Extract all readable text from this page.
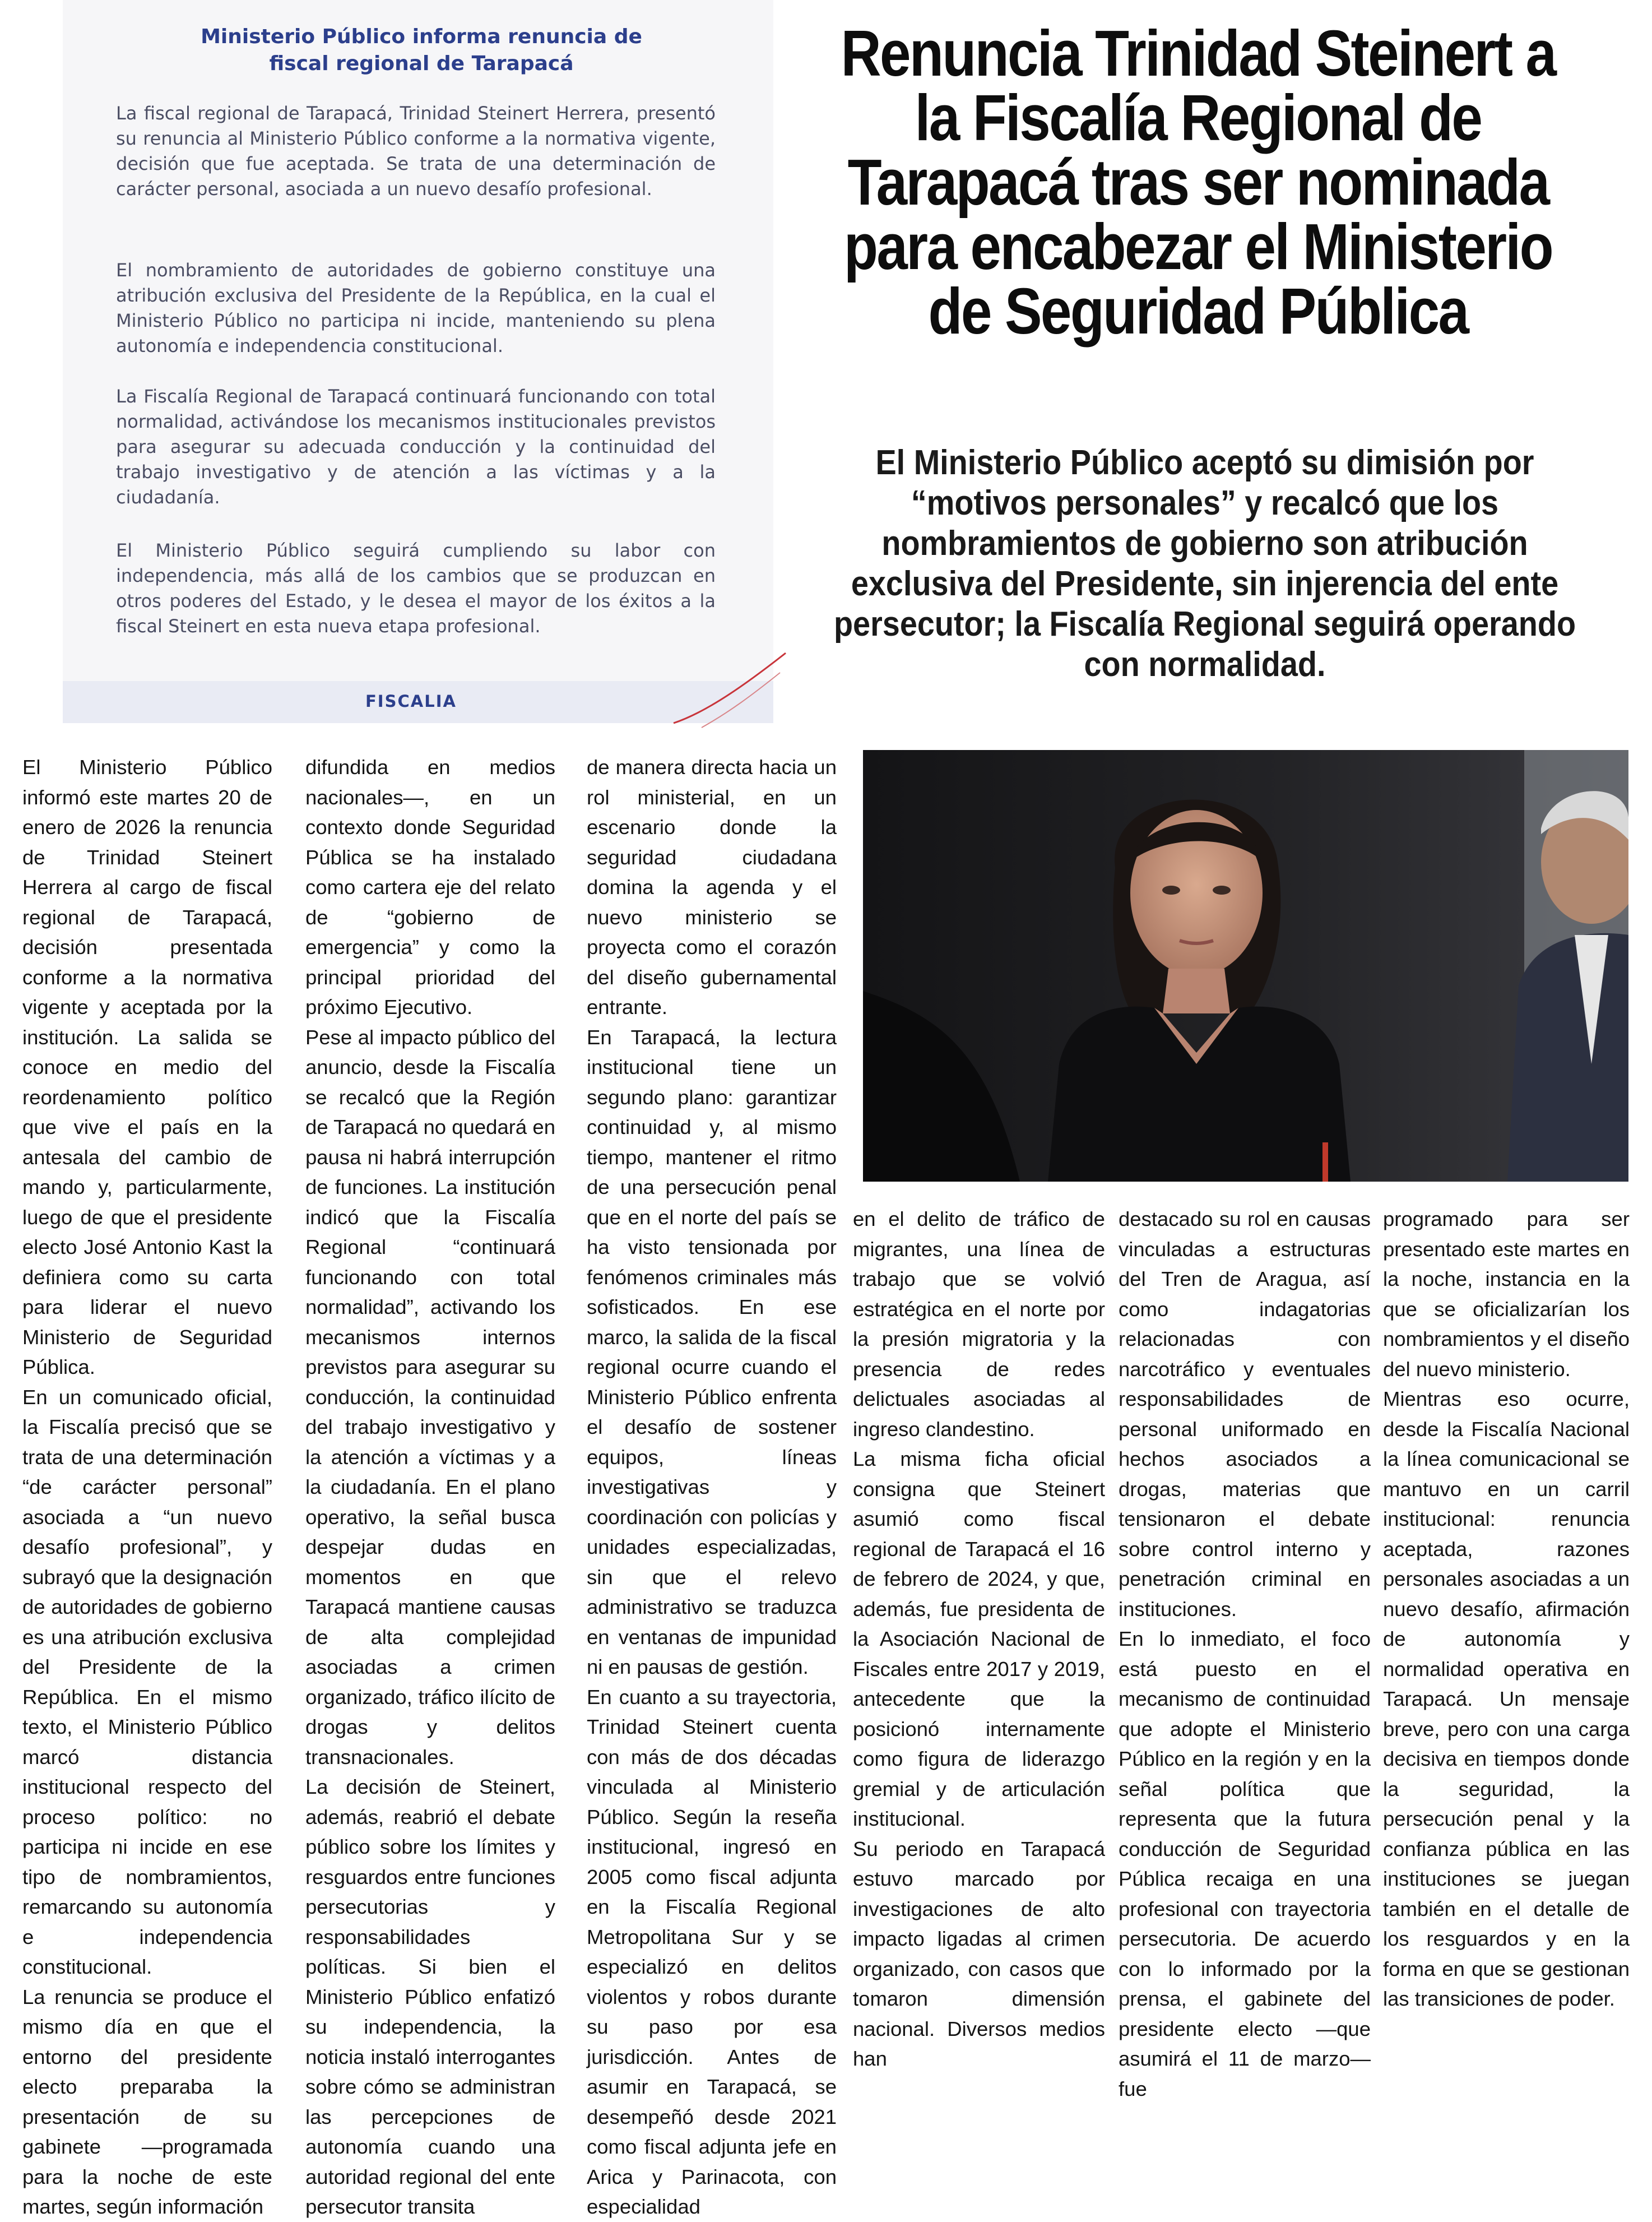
Ministerio Público informa renuncia de fiscal regional de Tarapacá
La fiscal regional de Tarapacá, Trinidad Steinert Herrera, presentó su renuncia al Ministerio Público conforme a la normativa vigente, decisión que fue aceptada. Se trata de una determinación de carácter personal, asociada a un nuevo desafío profesional.
El nombramiento de autoridades de gobierno constituye una atribución exclusiva del Presidente de la República, en la cual el Ministerio Público no participa ni incide, manteniendo su plena autonomía e independencia constitucional.
La Fiscalía Regional de Tarapacá continuará funcionando con total normalidad, activándose los mecanismos institucionales previstos para asegurar su adecuada conducción y la continuidad del trabajo investigativo y de atención a las víctimas y a la ciudadanía.
El Ministerio Público seguirá cumpliendo su labor con independencia, más allá de los cambios que se produzcan en otros poderes del Estado, y le desea el mayor de los éxitos a la fiscal Steinert en esta nueva etapa profesional.
FISCALIA
Renuncia Trinidad Steinert a la Fiscalía Regional de Tarapacá tras ser nominada para encabezar el Ministerio de Seguridad Pública
El Ministerio Público aceptó su dimisión por “motivos personales” y recalcó que los nombramientos de gobierno son atribución exclusiva del Presidente, sin injerencia del ente persecutor; la Fiscalía Regional seguirá operando con normalidad.

El Ministerio Público informó este martes 20 de enero de 2026 la renuncia de Trinidad Steinert Herrera al cargo de fiscal regional de Tarapacá, decisión presentada conforme a la normativa vigente y aceptada por la institución. La salida se conoce en medio del reordenamiento político que vive el país en la antesala del cambio de mando y, particularmente, luego de que el presidente electo José Antonio Kast la definiera como su carta para liderar el nuevo Ministerio de Seguridad Pública.

En un comunicado oficial, la Fiscalía precisó que se trata de una determinación “de carácter personal” asociada a “un nuevo desafío profesional”, y subrayó que la designación de autoridades de gobierno es una atribución exclusiva del Presidente de la República. En el mismo texto, el Ministerio Público marcó distancia institucional respecto del proceso político: no participa ni incide en ese tipo de nombramientos, remarcando su autonomía e independencia constitucional.

La renuncia se produce el mismo día en que el entorno del presidente electo preparaba la presentación de su gabinete —programada para la noche de este martes, según información

difundida en medios nacionales—, en un contexto donde Seguridad Pública se ha instalado como cartera eje del relato de “gobierno de emergencia” y como la principal prioridad del próximo Ejecutivo.

Pese al impacto público del anuncio, desde la Fiscalía se recalcó que la Región de Tarapacá no quedará en pausa ni habrá interrupción de funciones. La institución indicó que la Fiscalía Regional “continuará funcionando con total normalidad”, activando los mecanismos internos previstos para asegurar su conducción, la continuidad del trabajo investigativo y la atención a víctimas y a la ciudadanía. En el plano operativo, la señal busca despejar dudas en momentos en que Tarapacá mantiene causas de alta complejidad asociadas a crimen organizado, tráfico ilícito de drogas y delitos transnacionales.

La decisión de Steinert, además, reabrió el debate público sobre los límites y resguardos entre funciones persecutorias y responsabilidades políticas. Si bien el Ministerio Público enfatizó su independencia, la noticia instaló interrogantes sobre cómo se administran las percepciones de autonomía cuando una autoridad regional del ente persecutor transita

de manera directa hacia un rol ministerial, en un escenario donde la seguridad ciudadana domina la agenda y el nuevo ministerio se proyecta como el corazón del diseño gubernamental entrante.

En Tarapacá, la lectura institucional tiene un segundo plano: garantizar continuidad y, al mismo tiempo, mantener el ritmo de una persecución penal que en el norte del país se ha visto tensionada por fenómenos criminales más sofisticados. En ese marco, la salida de la fiscal regional ocurre cuando el Ministerio Público enfrenta el desafío de sostener equipos, líneas investigativas y coordinación con policías y unidades especializadas, sin que el relevo administrativo se traduzca en ventanas de impunidad ni en pausas de gestión.

En cuanto a su trayectoria, Trinidad Steinert cuenta con más de dos décadas vinculada al Ministerio Público. Según la reseña institucional, ingresó en 2005 como fiscal adjunta en la Fiscalía Regional Metropolitana Sur y se especializó en delitos violentos y robos durante su paso por esa jurisdicción. Antes de asumir en Tarapacá, se desempeñó desde 2021 como fiscal adjunta jefe en Arica y Parinacota, con especialidad

en el delito de tráfico de migrantes, una línea de trabajo que se volvió estratégica en el norte por la presión migratoria y la presencia de redes delictuales asociadas al ingreso clandestino.

La misma ficha oficial consigna que Steinert asumió como fiscal regional de Tarapacá el 16 de febrero de 2024, y que, además, fue presidenta de la Asociación Nacional de Fiscales entre 2017 y 2019, antecedente que la posicionó internamente como figura de liderazgo gremial y de articulación institucional.

Su periodo en Tarapacá estuvo marcado por investigaciones de alto impacto ligadas al crimen organizado, con casos que tomaron dimensión nacional. Diversos medios han

destacado su rol en causas vinculadas a estructuras del Tren de Aragua, así como indagatorias relacionadas con narcotráfico y eventuales responsabilidades de personal uniformado en hechos asociados a drogas, materias que tensionaron el debate sobre control interno y penetración criminal en instituciones.

En lo inmediato, el foco está puesto en el mecanismo de continuidad que adopte el Ministerio Público en la región y en la señal política que representa que la futura conducción de Seguridad Pública recaiga en una profesional con trayectoria persecutoria. De acuerdo con lo informado por la prensa, el gabinete del presidente electo —que asumirá el 11 de marzo— fue

programado para ser presentado este martes en la noche, instancia en la que se oficializarían los nombramientos y el diseño del nuevo ministerio.

Mientras eso ocurre, desde la Fiscalía Nacional la línea comunicacional se mantuvo en un carril institucional: renuncia aceptada, razones personales asociadas a un nuevo desafío, afirmación de autonomía y normalidad operativa en Tarapacá. Un mensaje breve, pero con una carga decisiva en tiempos donde la seguridad, la persecución penal y la confianza pública en las instituciones se juegan también en el detalle de los resguardos y en la forma en que se gestionan las transiciones de poder.
